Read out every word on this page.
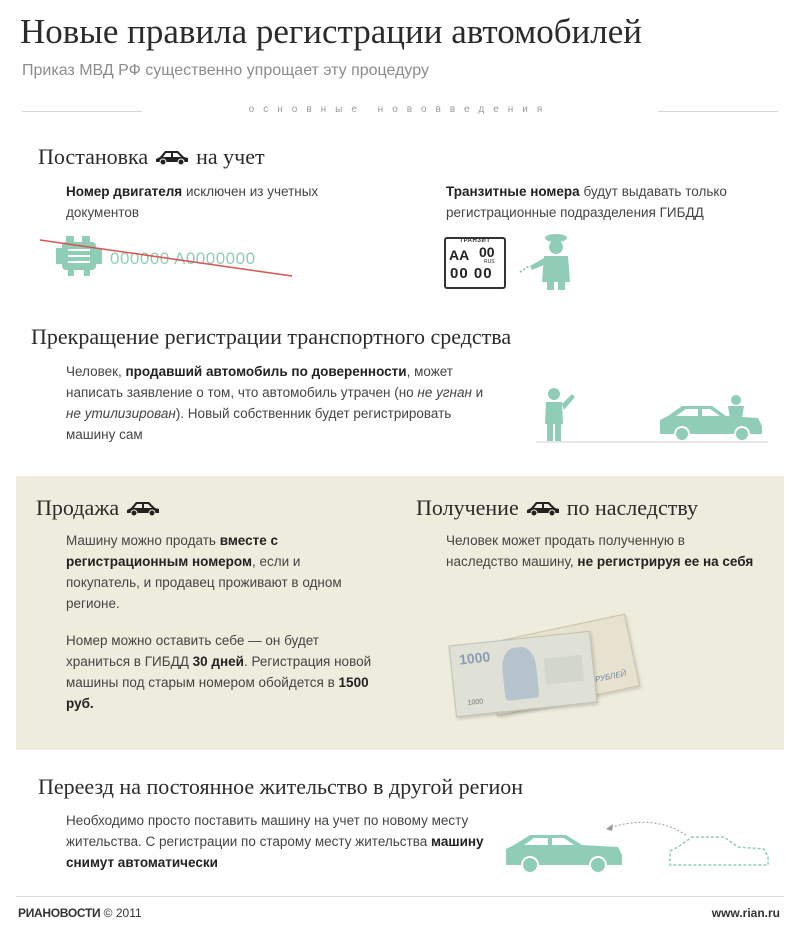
Новые правила регистрации автомобилей
Приказ МВД РФ существенно упрощает эту процедуру
основные нововведения
Постановка на учет
Номер двигателя исключен из учетных документов
000000 A0000000
Транзитные номера будут выдавать только регистрационные подразделения ГИБДД
ТРАНЗИТ
АА 00
RUS
00 00
Прекращение регистрации транспортного средства
Человек, продавший автомобиль по доверенности, может написать заявление о том, что автомобиль утрачен (но не угнан и не утилизирован). Новый собственник будет регистрировать машину сам
Продажа
Машину можно продать вместе с регистрационным номером, если и покупатель, и продавец проживают в одном регионе.
Номер можно оставить себе — он будет храниться в ГИБДД 30 дней. Регистрация новой машины под старым номером обойдется в 1500 руб.
Получение по наследству
Человек может продать полученную в наследство машину, не регистрируя ее на себя
РУБЛЕЙ
1000
1000
Переезд на постоянное жительство в другой регион
Необходимо просто поставить машину на учет по новому месту жительства. С регистрации по старому месту жительства машину снимут автоматически
РИАНОВОСТИ © 2011	www.rian.ru
